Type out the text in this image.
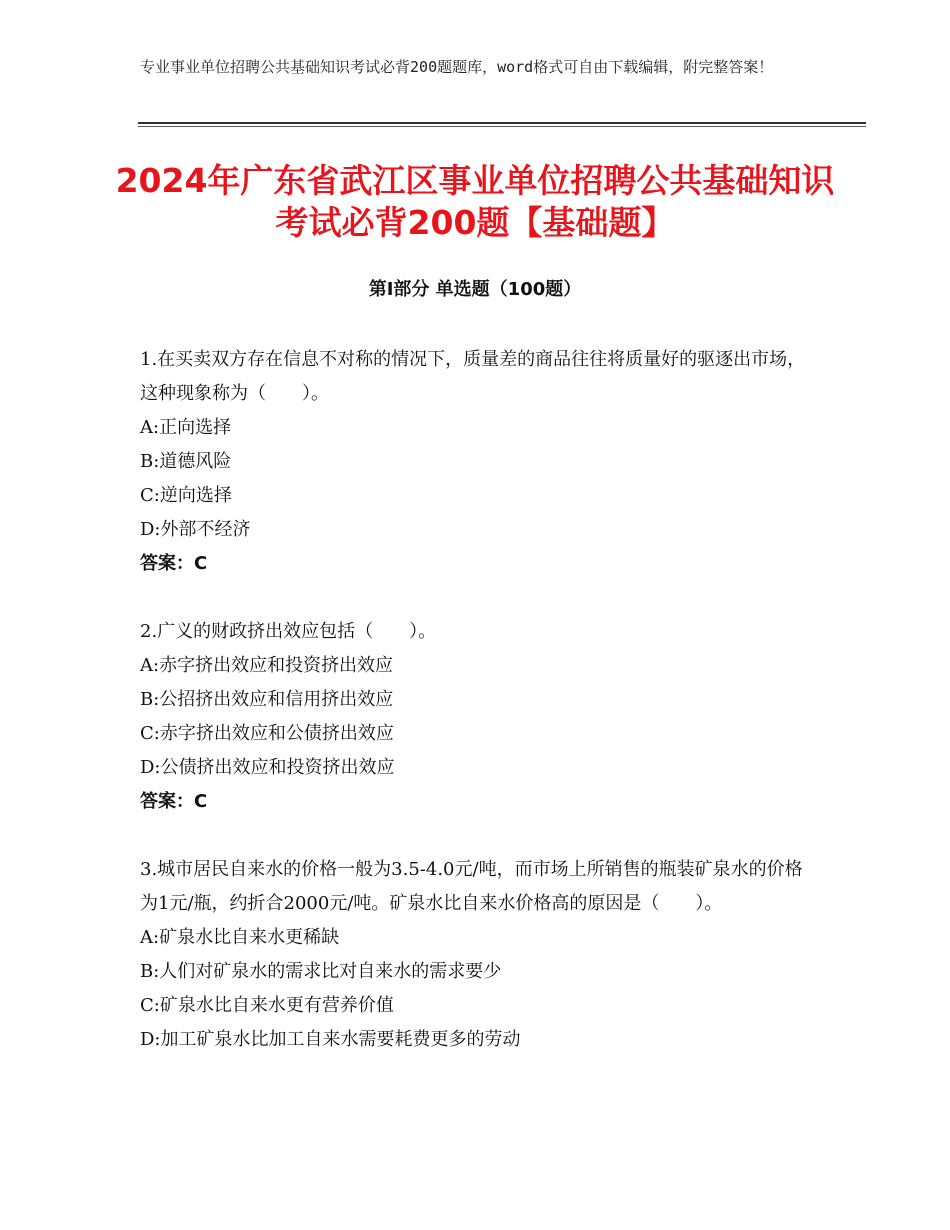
专业事业单位招聘公共基础知识考试必背200题题库，word格式可自由下载编辑，附完整答案！
2024年广东省武江区事业单位招聘公共基础知识考试必背200题【基础题】
第I部分 单选题（100题）
1.在买卖双方存在信息不对称的情况下，质量差的商品往往将质量好的驱逐出市场，这种现象称为（　　）。
A:正向选择
B:道德风险
C:逆向选择
D:外部不经济
答案：C
2.广义的财政挤出效应包括（　　）。
A:赤字挤出效应和投资挤出效应
B:公招挤出效应和信用挤出效应
C:赤字挤出效应和公债挤出效应
D:公债挤出效应和投资挤出效应
答案：C
3.城市居民自来水的价格一般为3.5-4.0元/吨，而市场上所销售的瓶装矿泉水的价格为1元/瓶，约折合2000元/吨。矿泉水比自来水价格高的原因是（　　）。
A:矿泉水比自来水更稀缺
B:人们对矿泉水的需求比对自来水的需求要少
C:矿泉水比自来水更有营养价值
D:加工矿泉水比加工自来水需要耗费更多的劳动
